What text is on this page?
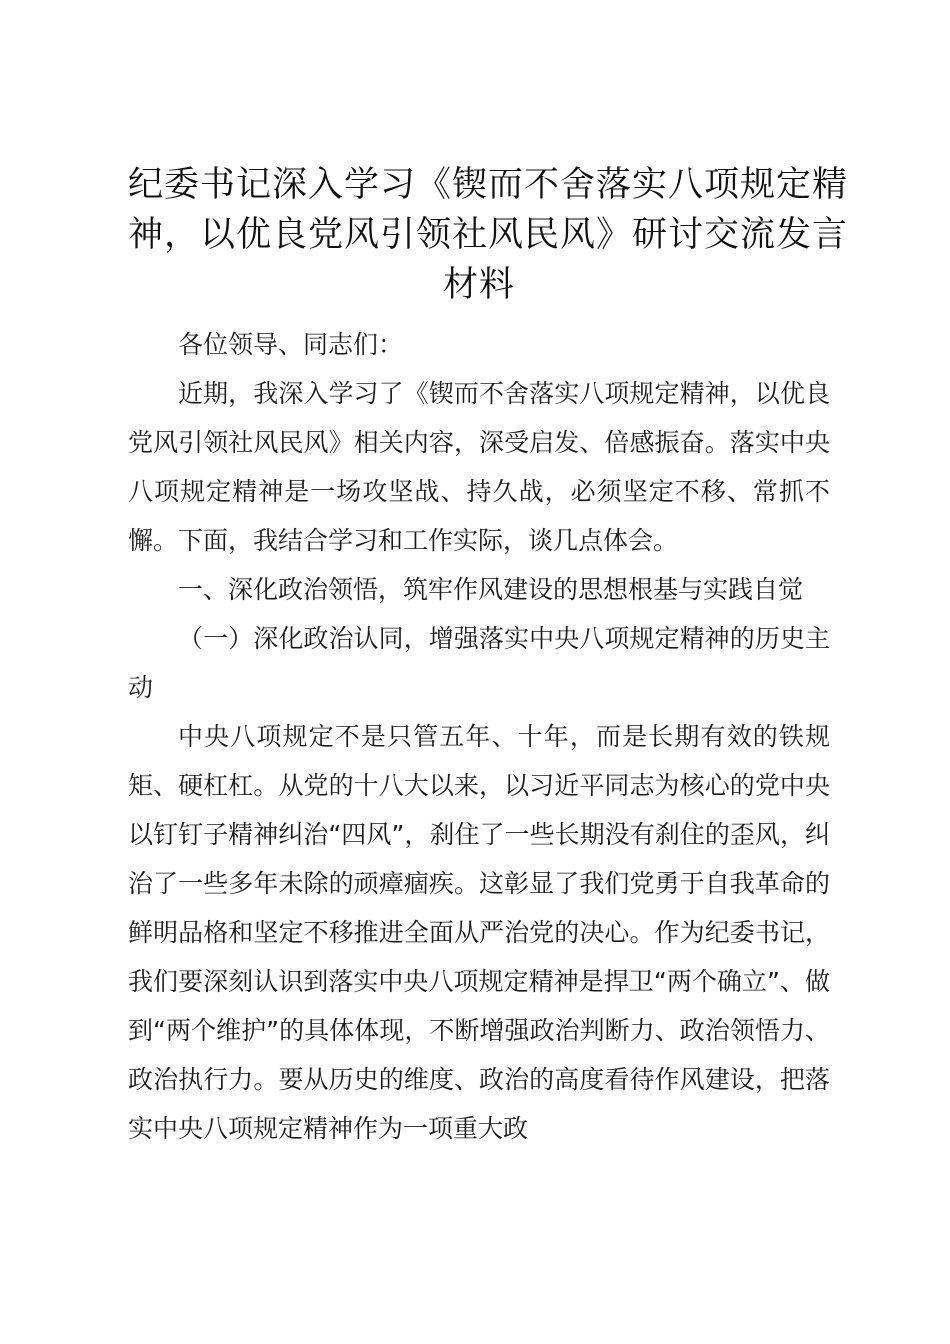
纪委书记深入学习《锲而不舍落实八项规定精
神，以优良党风引领社风民风》研讨交流发言
材料

各位领导、同志们：

近期，我深入学习了《锲而不舍落实八项规定精神，以优良党风引领社风民风》相关内容，深受启发、倍感振奋。落实中央八项规定精神是一场攻坚战、持久战，必须坚定不移、常抓不懈。下面，我结合学习和工作实际，谈几点体会。

一、深化政治领悟，筑牢作风建设的思想根基与实践自觉

（一）深化政治认同，增强落实中央八项规定精神的历史主动

中央八项规定不是只管五年、十年，而是长期有效的铁规矩、硬杠杠。从党的十八大以来，以习近平同志为核心的党中央以钉钉子精神纠治“四风”，刹住了一些长期没有刹住的歪风，纠治了一些多年未除的顽瘴痼疾。这彰显了我们党勇于自我革命的鲜明品格和坚定不移推进全面从严治党的决心。作为纪委书记，我们要深刻认识到落实中央八项规定精神是捍卫“两个确立”、做到“两个维护”的具体体现，不断增强政治判断力、政治领悟力、政治执行力。要从历史的维度、政治的高度看待作风建设，把落实中央八项规定精神作为一项重大政
